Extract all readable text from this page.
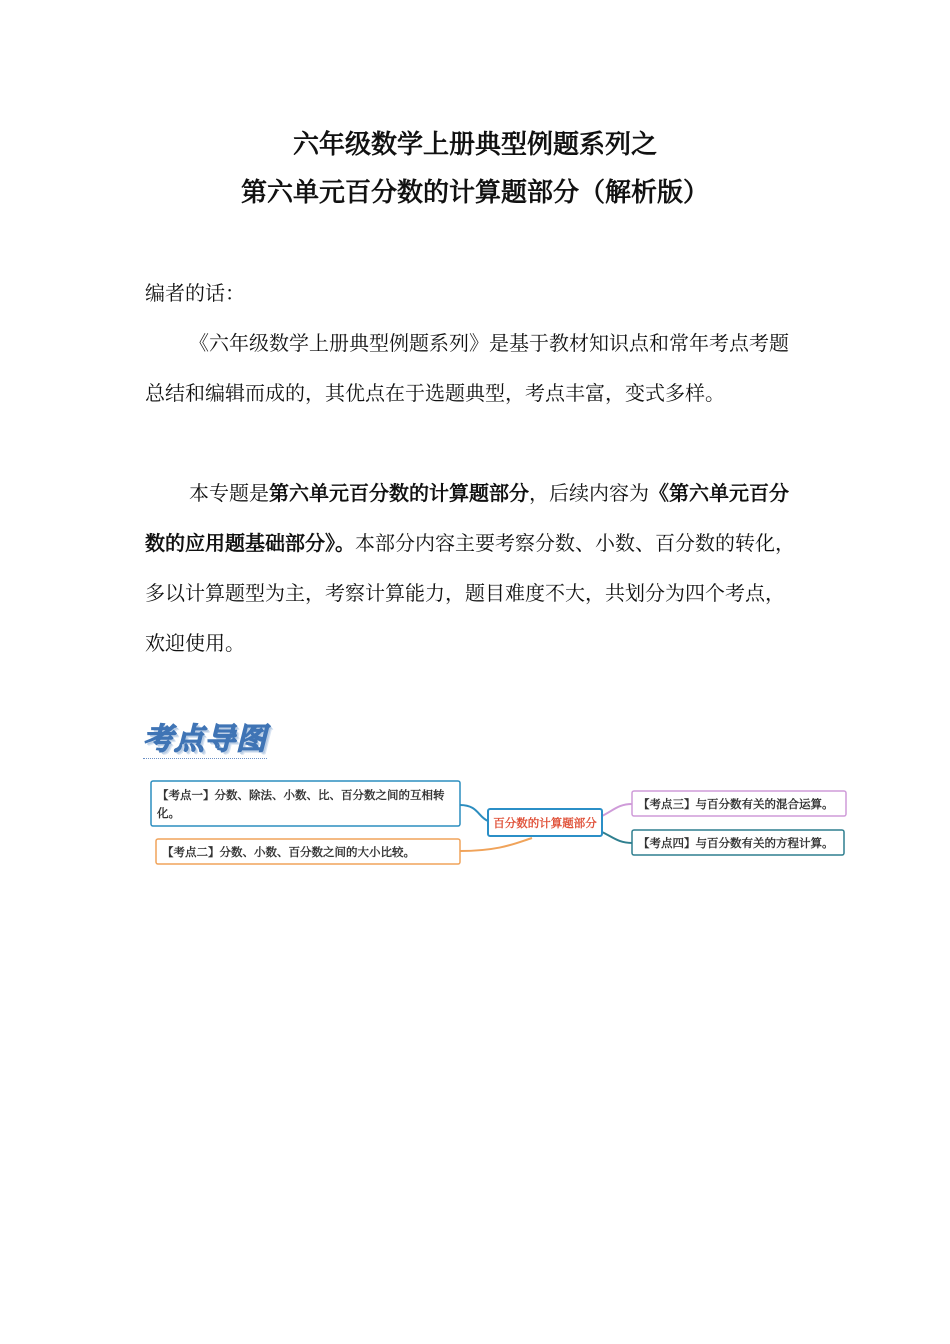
六年级数学上册典型例题系列之
第六单元百分数的计算题部分（解析版）
编者的话：
《六年级数学上册典型例题系列》是基于教材知识点和常年考点考题总结和编辑而成的，其优点在于选题典型，考点丰富，变式多样。
本专题是第六单元百分数的计算题部分，后续内容为《第六单元百分数的应用题基础部分》。本部分内容主要考察分数、小数、百分数的转化，多以计算题型为主，考察计算能力，题目难度不大，共划分为四个考点，欢迎使用。
考点导图
【考点一】分数、除法、小数、比、百分数之间的互相转
化。
【考点二】分数、小数、百分数之间的大小比较。
百分数的计算题部分
【考点三】与百分数有关的混合运算。
【考点四】与百分数有关的方程计算。
